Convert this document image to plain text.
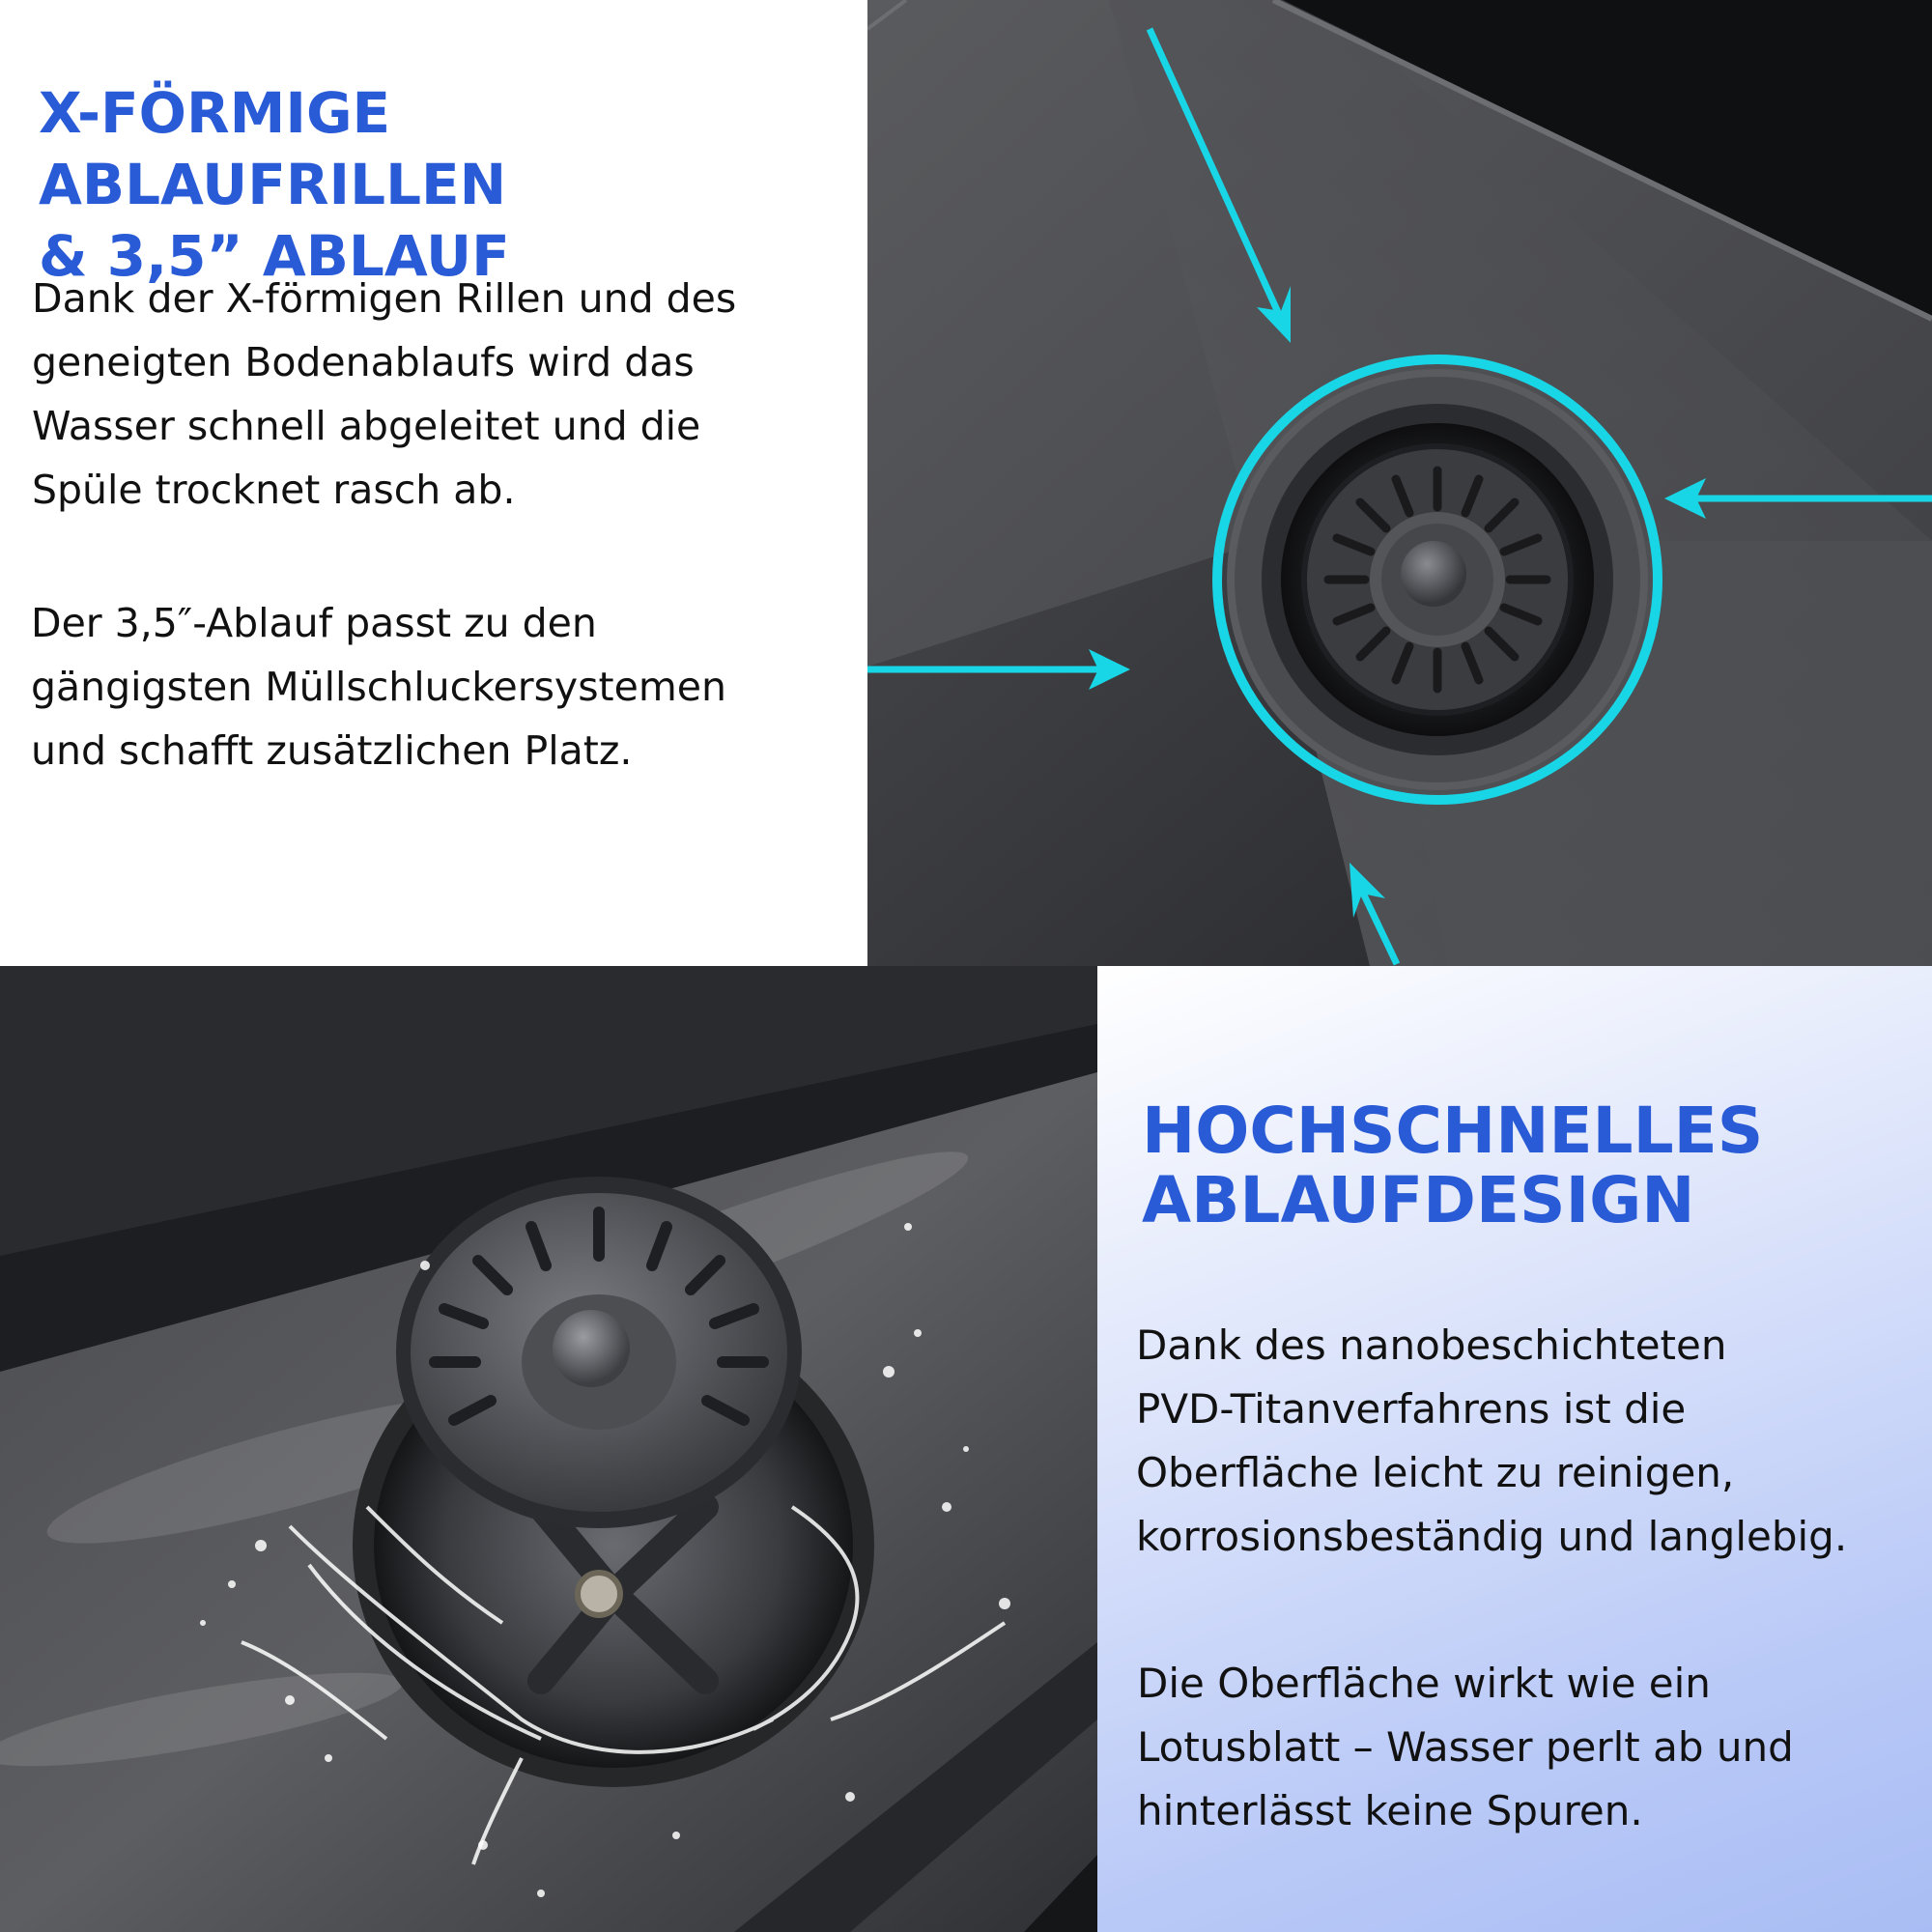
X-FÖRMIGE ABLAUFRILLEN
& 3,5” ABLAUF

Dank der X-förmigen Rillen und des
geneigten Bodenablaufs wird das
Wasser schnell abgeleitet und die
Spüle trocknet rasch ab.

Der 3,5″-Ablauf passt zu den
gängigsten Müllschluckersystemen
und schafft zusätzlichen Platz.

HOCHSCHNELLES
ABLAUFDESIGN

Dank des nanobeschichteten
PVD-Titanverfahrens ist die
Oberfläche leicht zu reinigen,
korrosionsbeständig und langlebig.

Die Oberfläche wirkt wie ein
Lotusblatt – Wasser perlt ab und
hinterlässt keine Spuren.
